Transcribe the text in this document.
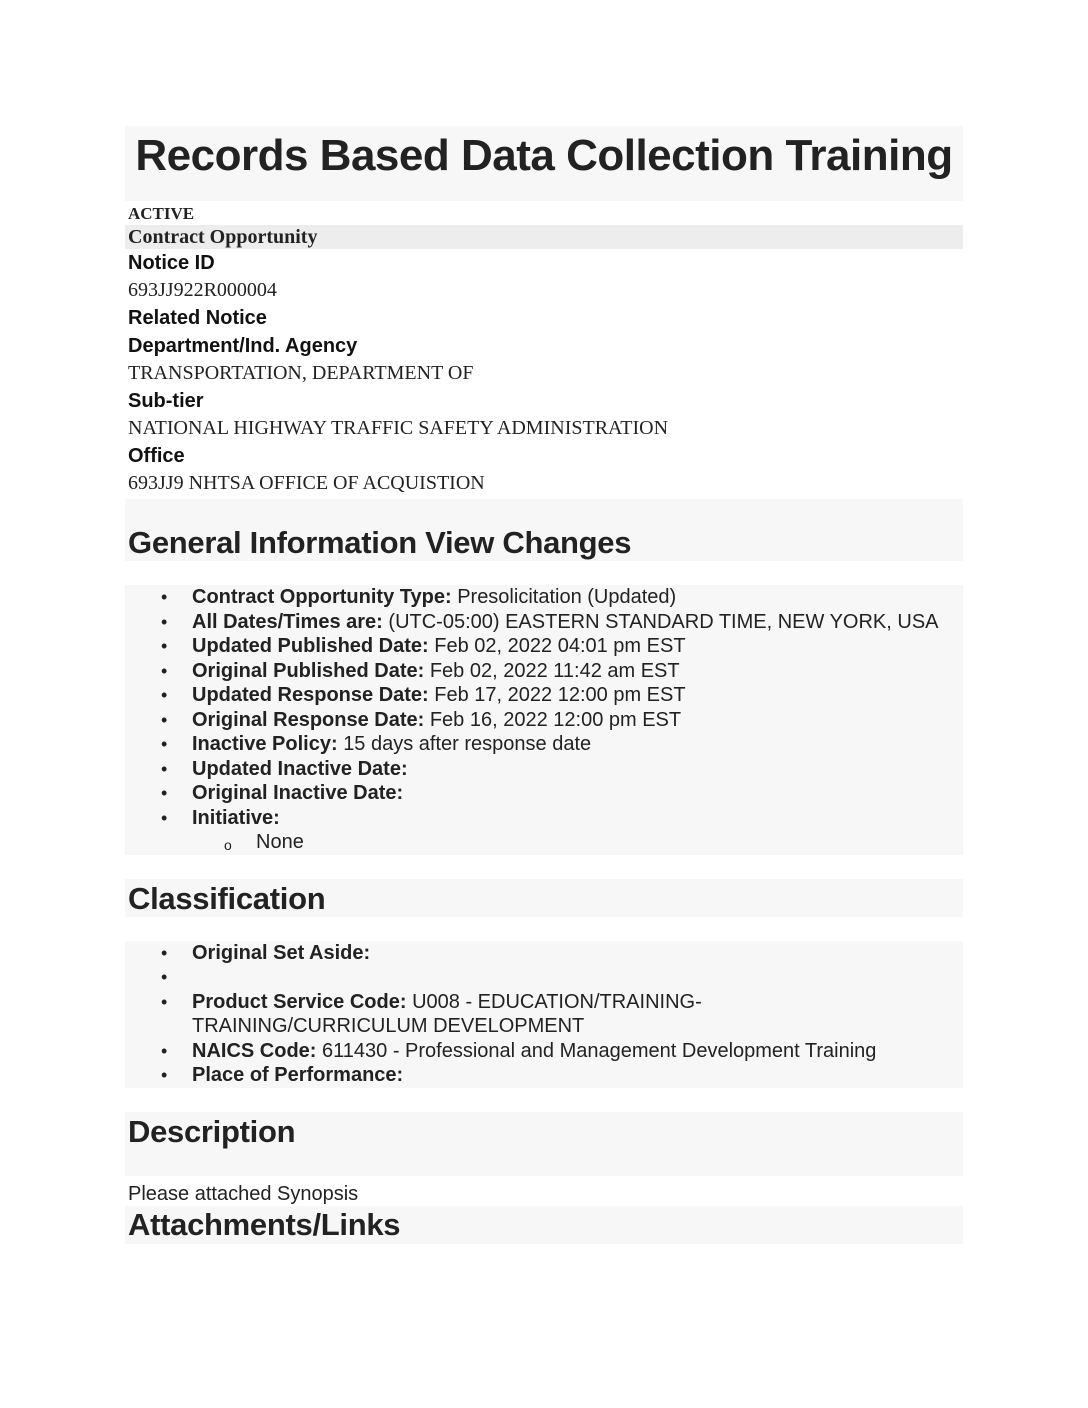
Records Based Data Collection Training
ACTIVE
Contract Opportunity
Notice ID
693JJ922R000004
Related Notice
Department/Ind. Agency
TRANSPORTATION, DEPARTMENT OF
Sub-tier
NATIONAL HIGHWAY TRAFFIC SAFETY ADMINISTRATION
Office
693JJ9 NHTSA OFFICE OF ACQUISTION
General Information View Changes
• Contract Opportunity Type: Presolicitation (Updated)
• All Dates/Times are: (UTC-05:00) EASTERN STANDARD TIME, NEW YORK, USA
• Updated Published Date: Feb 02, 2022 04:01 pm EST
• Original Published Date: Feb 02, 2022 11:42 am EST
• Updated Response Date: Feb 17, 2022 12:00 pm EST
• Original Response Date: Feb 16, 2022 12:00 pm EST
• Inactive Policy: 15 days after response date
• Updated Inactive Date:
• Original Inactive Date:
• Initiative:
o None
Classification
• Original Set Aside:
•
• Product Service Code: U008 - EDUCATION/TRAINING-TRAINING/CURRICULUM DEVELOPMENT
• NAICS Code: 611430 - Professional and Management Development Training
• Place of Performance:
Description
Please attached Synopsis
Attachments/Links
